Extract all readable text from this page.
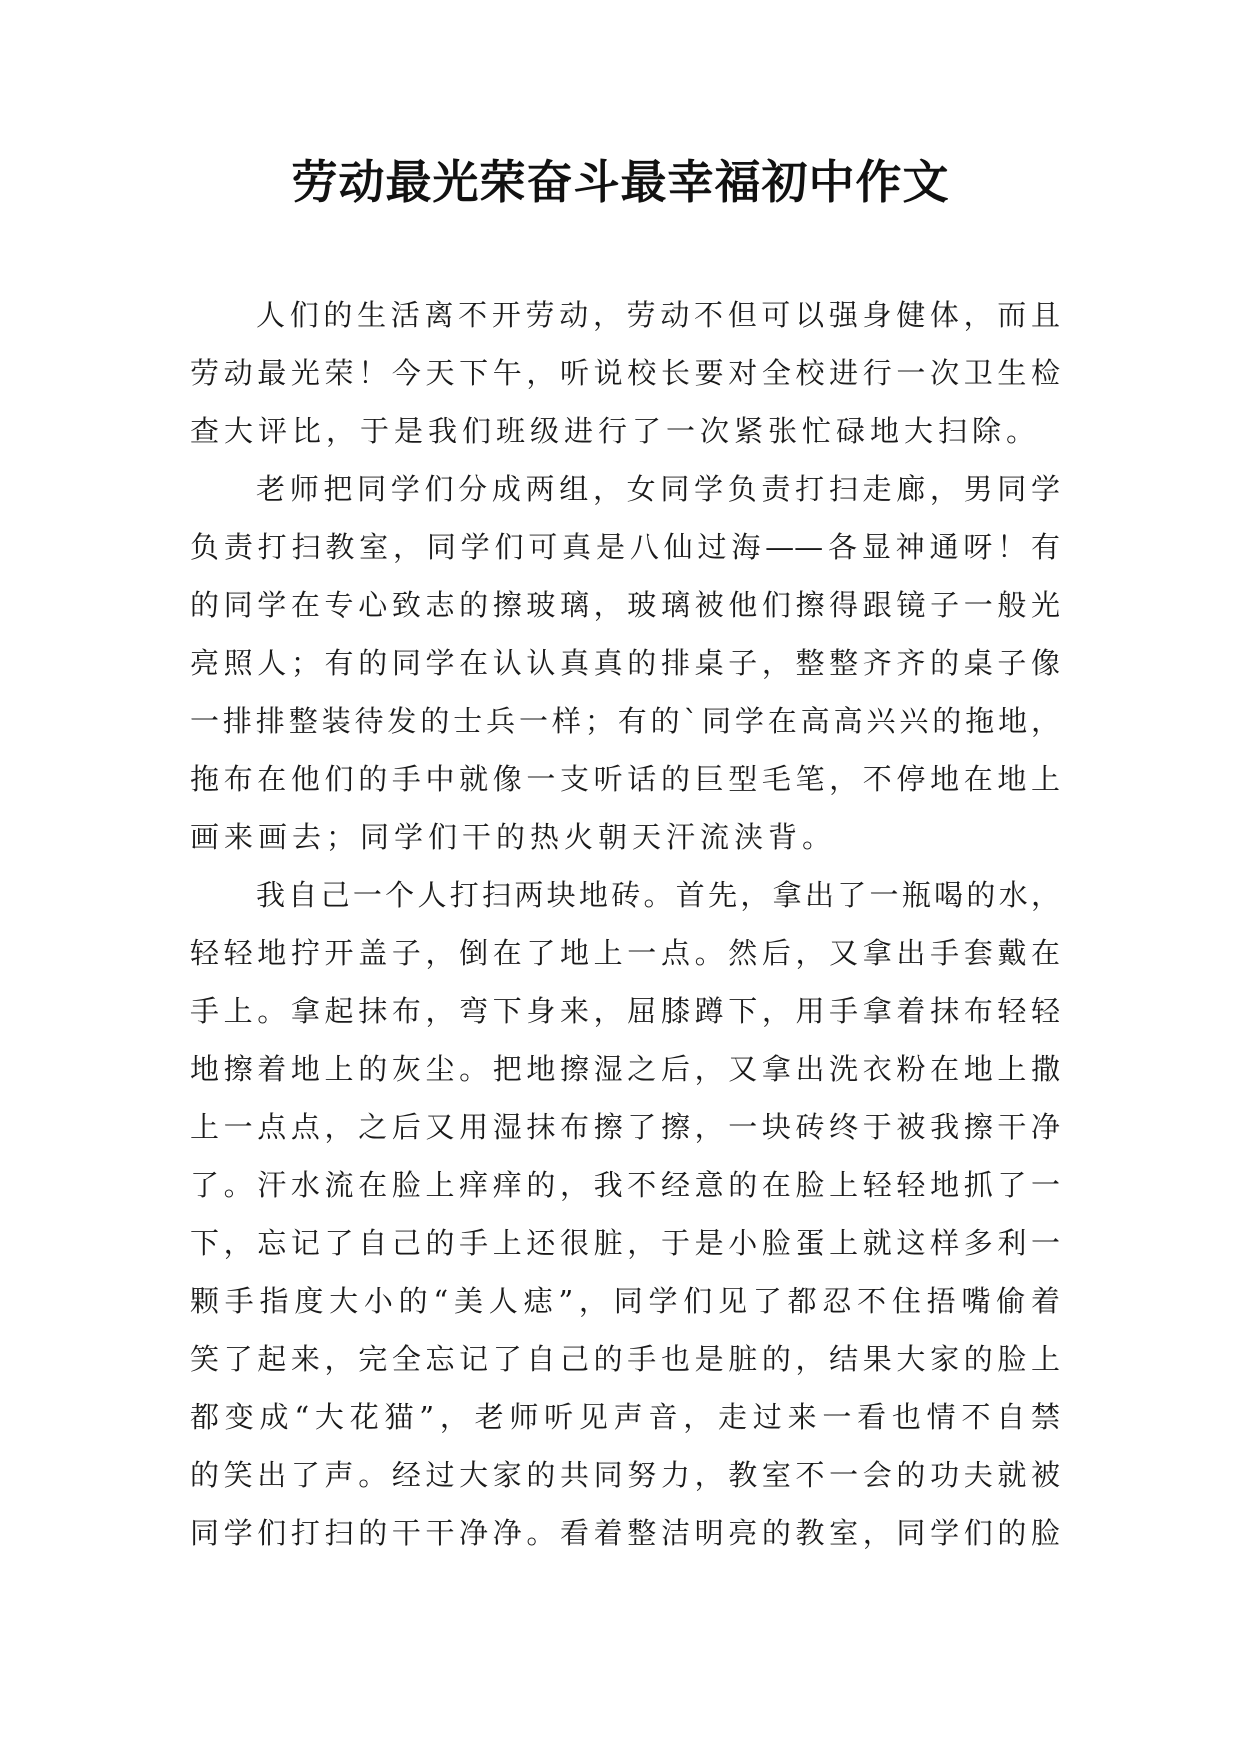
劳动最光荣奋斗最幸福初中作文
人们的生活离不开劳动，劳动不但可以强身健体，而且
劳动最光荣！今天下午，听说校长要对全校进行一次卫生检
查大评比，于是我们班级进行了一次紧张忙碌地大扫除。
老师把同学们分成两组，女同学负责打扫走廊，男同学
负责打扫教室，同学们可真是八仙过海——各显神通呀！有
的同学在专心致志的擦玻璃，玻璃被他们擦得跟镜子一般光
亮照人；有的同学在认认真真的排桌子，整整齐齐的桌子像
一排排整装待发的士兵一样；有的`同学在高高兴兴的拖地，
拖布在他们的手中就像一支听话的巨型毛笔，不停地在地上
画来画去；同学们干的热火朝天汗流浃背。
我自己一个人打扫两块地砖。首先，拿出了一瓶喝的水，
轻轻地拧开盖子，倒在了地上一点。然后，又拿出手套戴在
手上。拿起抹布，弯下身来，屈膝蹲下，用手拿着抹布轻轻
地擦着地上的灰尘。把地擦湿之后，又拿出洗衣粉在地上撒
上一点点，之后又用湿抹布擦了擦，一块砖终于被我擦干净
了。汗水流在脸上痒痒的，我不经意的在脸上轻轻地抓了一
下，忘记了自己的手上还很脏，于是小脸蛋上就这样多利一
颗手指度大小的“美人痣”，同学们见了都忍不住捂嘴偷着
笑了起来，完全忘记了自己的手也是脏的，结果大家的脸上
都变成“大花猫”，老师听见声音，走过来一看也情不自禁
的笑出了声。经过大家的共同努力，教室不一会的功夫就被
同学们打扫的干干净净。看着整洁明亮的教室，同学们的脸
